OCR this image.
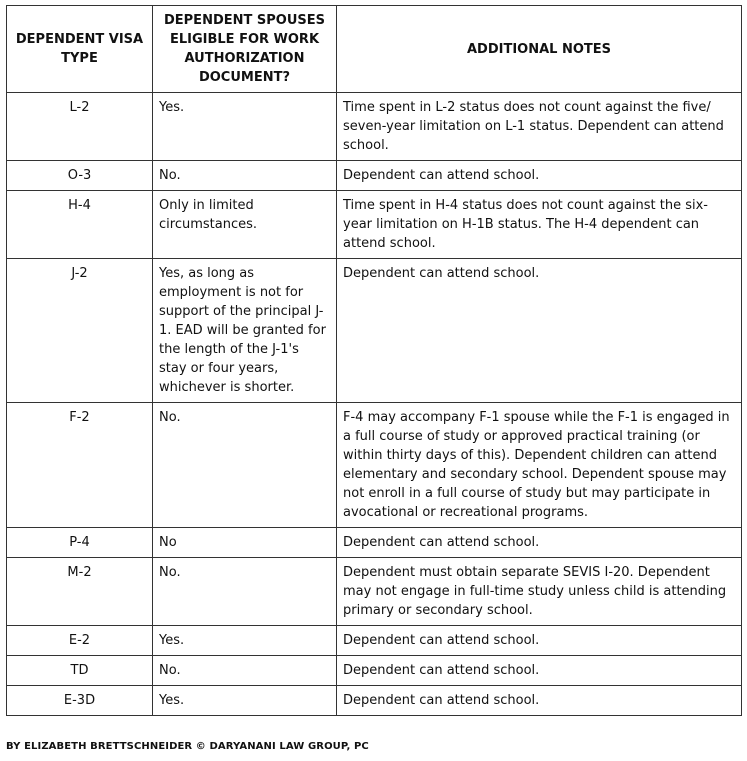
DEPENDENT VISA TYPE	DEPENDENT SPOUSES ELIGIBLE FOR WORK AUTHORIZATION DOCUMENT?	ADDITIONAL NOTES
L-2	Yes.	Time spent in L-2 status does not count against the five/ seven-year limitation on L-1 status. Dependent can attend school.
O-3	No.	Dependent can attend school.
H-4	Only in limited circumstances.	Time spent in H-4 status does not count against the six-year limitation on H-1B status. The H-4 dependent can attend school.
J-2	Yes, as long as employment is not for support of the principal J-1. EAD will be granted for the length of the J-1's stay or four years, whichever is shorter.	Dependent can attend school.
F-2	No.	F-4 may accompany F-1 spouse while the F-1 is engaged in a full course of study or approved practical training (or within thirty days of this). Dependent children can attend elementary and secondary school. Dependent spouse may not enroll in a full course of study but may participate in avocational or recreational programs.
P-4	No	Dependent can attend school.
M-2	No.	Dependent must obtain separate SEVIS I-20. Dependent may not engage in full-time study unless child is attending primary or secondary school.
E-2	Yes.	Dependent can attend school.
TD	No.	Dependent can attend school.
E-3D	Yes.	Dependent can attend school.
BY ELIZABETH BRETTSCHNEIDER © DARYANANI LAW GROUP, PC
